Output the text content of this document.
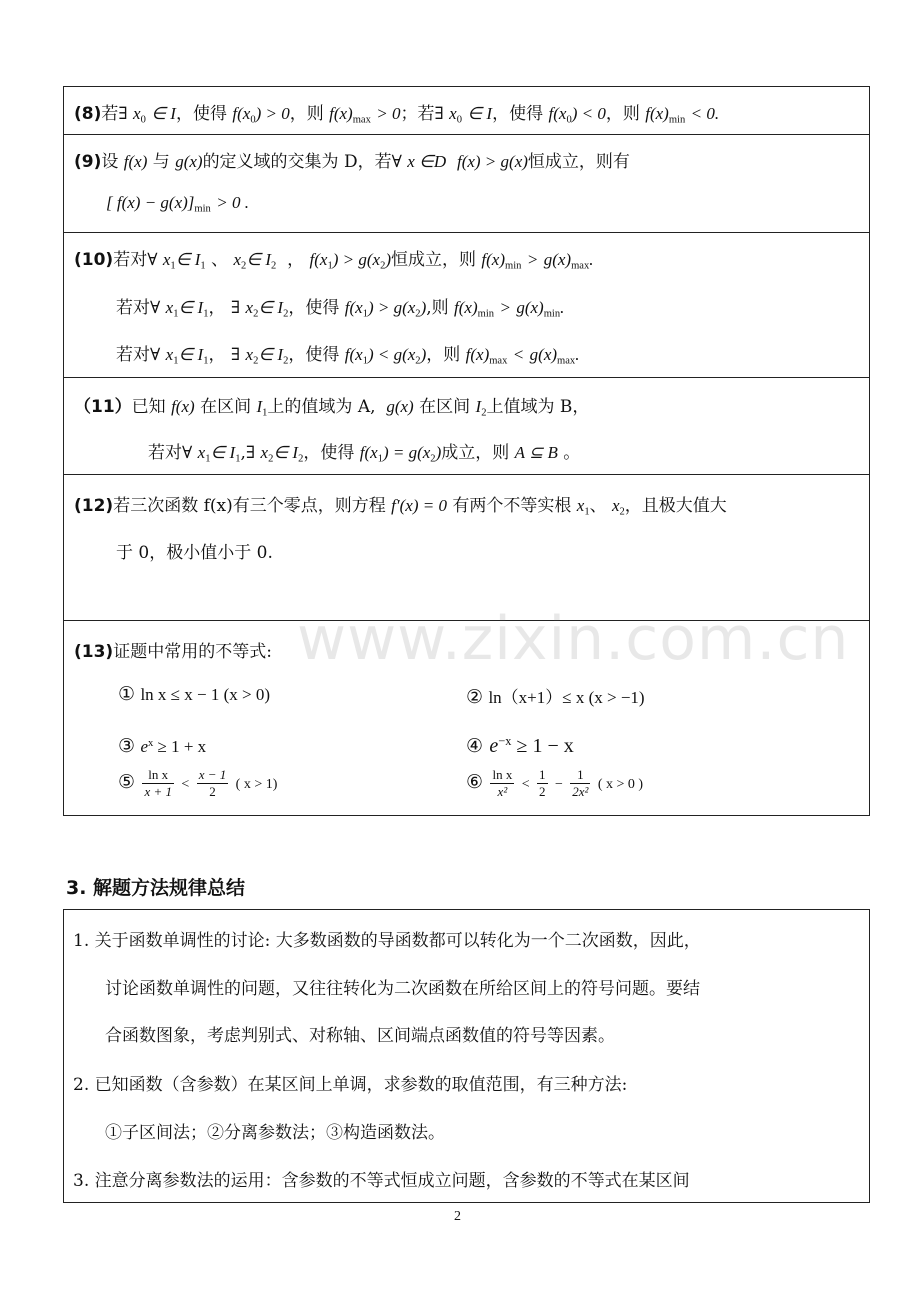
(8)若∃ $x_0$ ∈ I，使得 $f(x_0) > 0$，则 $f(x)_{max} > 0$；若∃ $x_0$ ∈ I，使得 $f(x_0) < 0$，则 $f(x)_{min} < 0$.
(9)设 f(x) 与 g(x)的定义域的交集为 D，若∀ x ∈D f(x) > g(x)恒成立，则有
[ $f(x) - g(x)]_{min} > 0$ .
(10)若对∀ $x_1\in$ $I_1$ 、 $x_2\in$ $I_2$ ， $f(x_1) > g(x_2)$恒成立，则 $f(x)_{min} > g(x)_{max}$.
若对∀ $x_1\in$ $I_1$， ∃ $x_2\in$ $I_2$，使得 $f(x_1) > g(x_2)$,则 $f(x)_{min} > g(x)_{min}$.
若对∀ $x_1\in$ $I_1$， ∃ $x_2\in$ $I_2$，使得 $f(x_1) < g(x_2)$，则 $f(x)_{max} < g(x)_{max}$.
（11）已知 f(x) 在区间 $I_1$上的值域为 A, g(x) 在区间 $I_2$上值域为 B，
若对∀ $x_1\in$ $I_1,\exists$ $x_2\in$ $I_2$，使得 $f(x_1) = g(x_2)$成立，则 A ⊆ B 。
(12)若三次函数 f(x)有三个零点，则方程 f′(x) = 0 有两个不等实根 $x_1$、 $x_2$，且极大值大
于 0，极小值小于 0.
(13)证题中常用的不等式:
① ln x ≤ x − 1 (x > 0)	② ln（x+1）≤ x (x > −1)
③ $e^x \ge 1 + x$	④ $e^{-x} \ge 1 - x$
⑤ $\frac{\text{ln x}}{x + 1} < \frac{x - 1}{2}$ ( x > 1)	⑥ $\frac{\text{ln x}}{\text{x²}} < \frac{1}{2} - \frac{1}{\text{2x²}}$ ( x > 0 )
www.zixin.com.cn
3. 解题方法规律总结
1. 关于函数单调性的讨论: 大多数函数的导函数都可以转化为一个二次函数，因此，
讨论函数单调性的问题，又往往转化为二次函数在所给区间上的符号问题。要结
合函数图象，考虑判别式、对称轴、区间端点函数值的符号等因素。
2. 已知函数（含参数）在某区间上单调，求参数的取值范围，有三种方法:
①子区间法；②分离参数法；③构造函数法。
3. 注意分离参数法的运用：含参数的不等式恒成立问题，含参数的不等式在某区间
2
